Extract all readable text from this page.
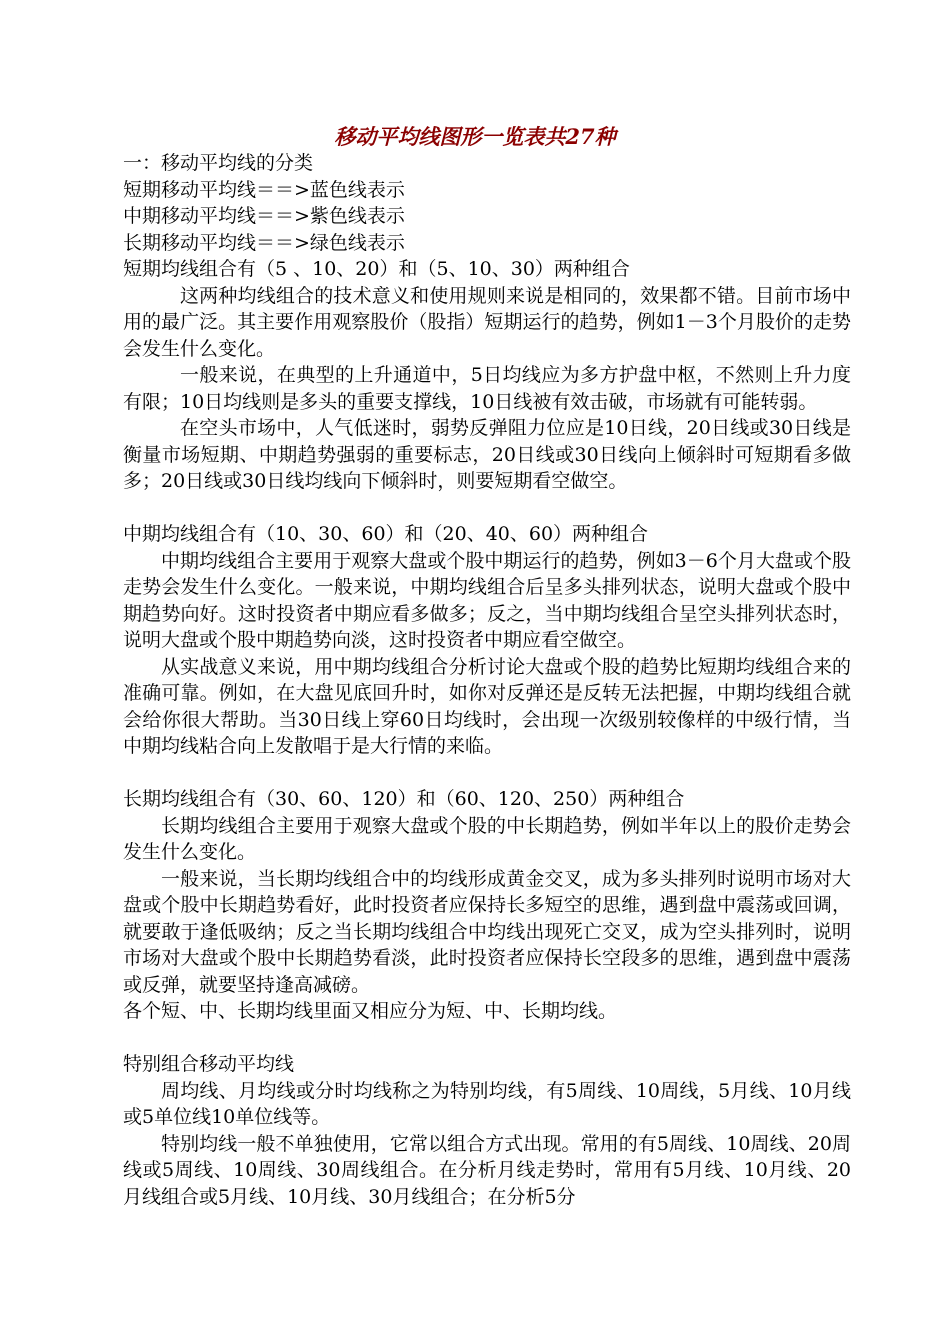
移动平均线图形一览表共27种

一：移动平均线的分类

短期移动平均线＝＝>蓝色线表示

中期移动平均线＝＝>紫色线表示

长期移动平均线＝＝>绿色线表示

短期均线组合有（5 、10、20）和（5、10、30）两种组合

这两种均线组合的技术意义和使用规则来说是相同的，效果都不错。目前市场中用的最广泛。其主要作用观察股价（股指）短期运行的趋势，例如1－3个月股价的走势会发生什么变化。

一般来说，在典型的上升通道中，5日均线应为多方护盘中枢，不然则上升力度有限；10日均线则是多头的重要支撑线，10日线被有效击破，市场就有可能转弱。

在空头市场中，人气低迷时，弱势反弹阻力位应是10日线，20日线或30日线是衡量市场短期、中期趋势强弱的重要标志，20日线或30日线向上倾斜时可短期看多做多；20日线或30日线均线向下倾斜时，则要短期看空做空。

中期均线组合有（10、30、60）和（20、40、60）两种组合

中期均线组合主要用于观察大盘或个股中期运行的趋势，例如3－6个月大盘或个股走势会发生什么变化。一般来说，中期均线组合后呈多头排列状态，说明大盘或个股中期趋势向好。这时投资者中期应看多做多；反之，当中期均线组合呈空头排列状态时，说明大盘或个股中期趋势向淡，这时投资者中期应看空做空。

从实战意义来说，用中期均线组合分析讨论大盘或个股的趋势比短期均线组合来的准确可靠。例如，在大盘见底回升时，如你对反弹还是反转无法把握，中期均线组合就会给你很大帮助。当30日线上穿60日均线时，会出现一次级别较像样的中级行情，当中期均线粘合向上发散唱于是大行情的来临。

长期均线组合有（30、60、120）和（60、120、250）两种组合

长期均线组合主要用于观察大盘或个股的中长期趋势，例如半年以上的股价走势会发生什么变化。

一般来说，当长期均线组合中的均线形成黄金交叉，成为多头排列时说明市场对大盘或个股中长期趋势看好，此时投资者应保持长多短空的思维，遇到盘中震荡或回调，就要敢于逢低吸纳；反之当长期均线组合中均线出现死亡交叉，成为空头排列时，说明市场对大盘或个股中长期趋势看淡，此时投资者应保持长空段多的思维，遇到盘中震荡或反弹，就要坚持逢高减磅。

各个短、中、长期均线里面又相应分为短、中、长期均线。

特别组合移动平均线

周均线、月均线或分时均线称之为特别均线，有5周线、10周线，5月线、10月线或5单位线10单位线等。

特别均线一般不单独使用，它常以组合方式出现。常用的有5周线、10周线、20周线或5周线、10周线、30周线组合。在分析月线走势时，常用有5月线、10月线、20月线组合或5月线、10月线、30月线组合；在分析5分
